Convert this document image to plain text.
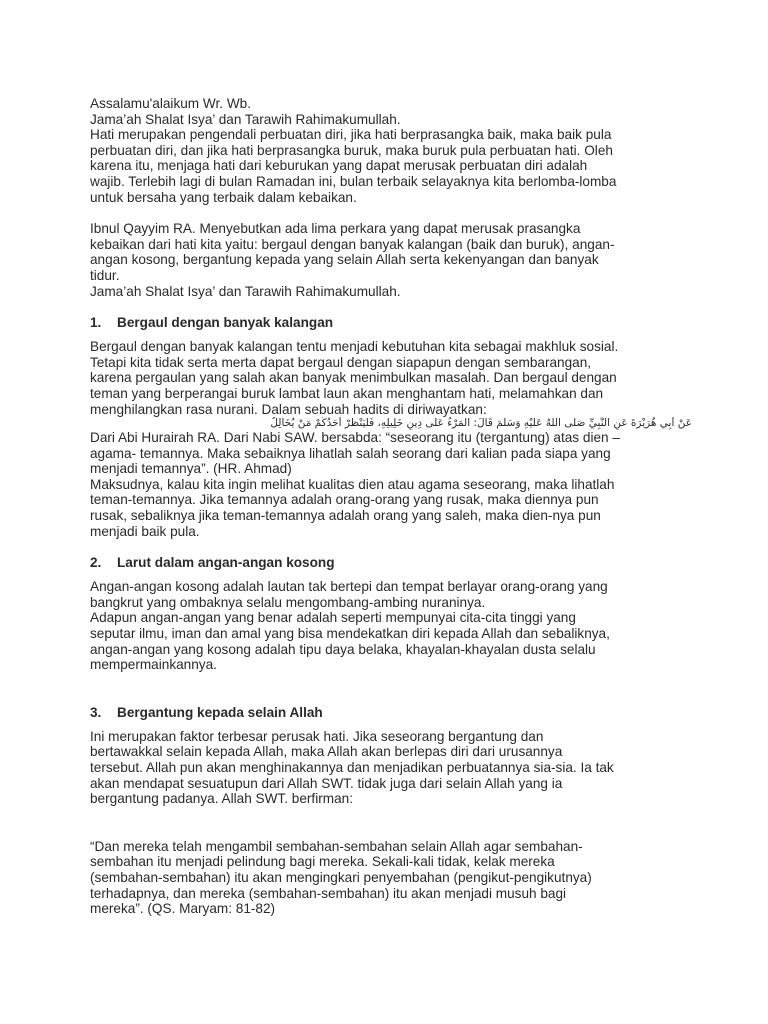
Assalamu'alaikum Wr. Wb.

Jama’ah Shalat Isya’ dan Tarawih Rahimakumullah.

Hati merupakan pengendali perbuatan diri, jika hati berprasangka baik, maka baik pula

perbuatan diri, dan jika hati berprasangka buruk, maka buruk pula perbuatan hati. Oleh

karena itu, menjaga hati dari keburukan yang dapat merusak perbuatan diri adalah

wajib. Terlebih lagi di bulan Ramadan ini, bulan terbaik selayaknya kita berlomba-lomba

untuk bersaha yang terbaik dalam kebaikan.

Ibnul Qayyim RA. Menyebutkan ada lima perkara yang dapat merusak prasangka

kebaikan dari hati kita yaitu: bergaul dengan banyak kalangan (baik dan buruk), angan-

angan kosong, bergantung kepada yang selain Allah serta kekenyangan dan banyak

tidur.

Jama’ah Shalat Isya’ dan Tarawih Rahimakumullah.

1. Bergaul dengan banyak kalangan

Bergaul dengan banyak kalangan tentu menjadi kebutuhan kita sebagai makhluk sosial.

Tetapi kita tidak serta merta dapat bergaul dengan siapapun dengan sembarangan,

karena pergaulan yang salah akan banyak menimbulkan masalah. Dan bergaul dengan

teman yang berperangai buruk lambat laun akan menghantam hati, melamahkan dan

menghilangkan rasa nurani. Dalam sebuah hadits di diriwayatkan:

عَنْ أَبِي هُرَيْرَةَ عَنِ النَّبِيِّ صَلَّى اللهُ عَلَيْهِ وَسَلَّمَ قَالَ: الْمَرْءُ عَلَى دِينِ خَلِيلِهِ، فَلْيَنْظُرْ أَحَدُكُمْ مَنْ يُخَالِلُ

Dari Abi Hurairah RA. Dari Nabi SAW. bersabda: “seseorang itu (tergantung) atas dien –

agama- temannya. Maka sebaiknya lihatlah salah seorang dari kalian pada siapa yang

menjadi temannya”. (HR. Ahmad)

Maksudnya, kalau kita ingin melihat kualitas dien atau agama seseorang, maka lihatlah

teman-temannya. Jika temannya adalah orang-orang yang rusak, maka diennya pun

rusak, sebaliknya jika teman-temannya adalah orang yang saleh, maka dien-nya pun

menjadi baik pula.

2. Larut dalam angan-angan kosong

Angan-angan kosong adalah lautan tak bertepi dan tempat berlayar orang-orang yang

bangkrut yang ombaknya selalu mengombang-ambing nuraninya.

Adapun angan-angan yang benar adalah seperti mempunyai cita-cita tinggi yang

seputar ilmu, iman dan amal yang bisa mendekatkan diri kepada Allah dan sebaliknya,

angan-angan yang kosong adalah tipu daya belaka, khayalan-khayalan dusta selalu

mempermainkannya.

3. Bergantung kepada selain Allah

Ini merupakan faktor terbesar perusak hati. Jika seseorang bergantung dan

bertawakkal selain kepada Allah, maka Allah akan berlepas diri dari urusannya

tersebut. Allah pun akan menghinakannya dan menjadikan perbuatannya sia-sia. Ia tak

akan mendapat sesuatupun dari Allah SWT. tidak juga dari selain Allah yang ia

bergantung padanya. Allah SWT. berfirman:

“Dan mereka telah mengambil sembahan-sembahan selain Allah agar sembahan-

sembahan itu menjadi pelindung bagi mereka. Sekali-kali tidak, kelak mereka

(sembahan-sembahan) itu akan mengingkari penyembahan (pengikut-pengikutnya)

terhadapnya, dan mereka (sembahan-sembahan) itu akan menjadi musuh bagi

mereka”. (QS. Maryam: 81-82)
